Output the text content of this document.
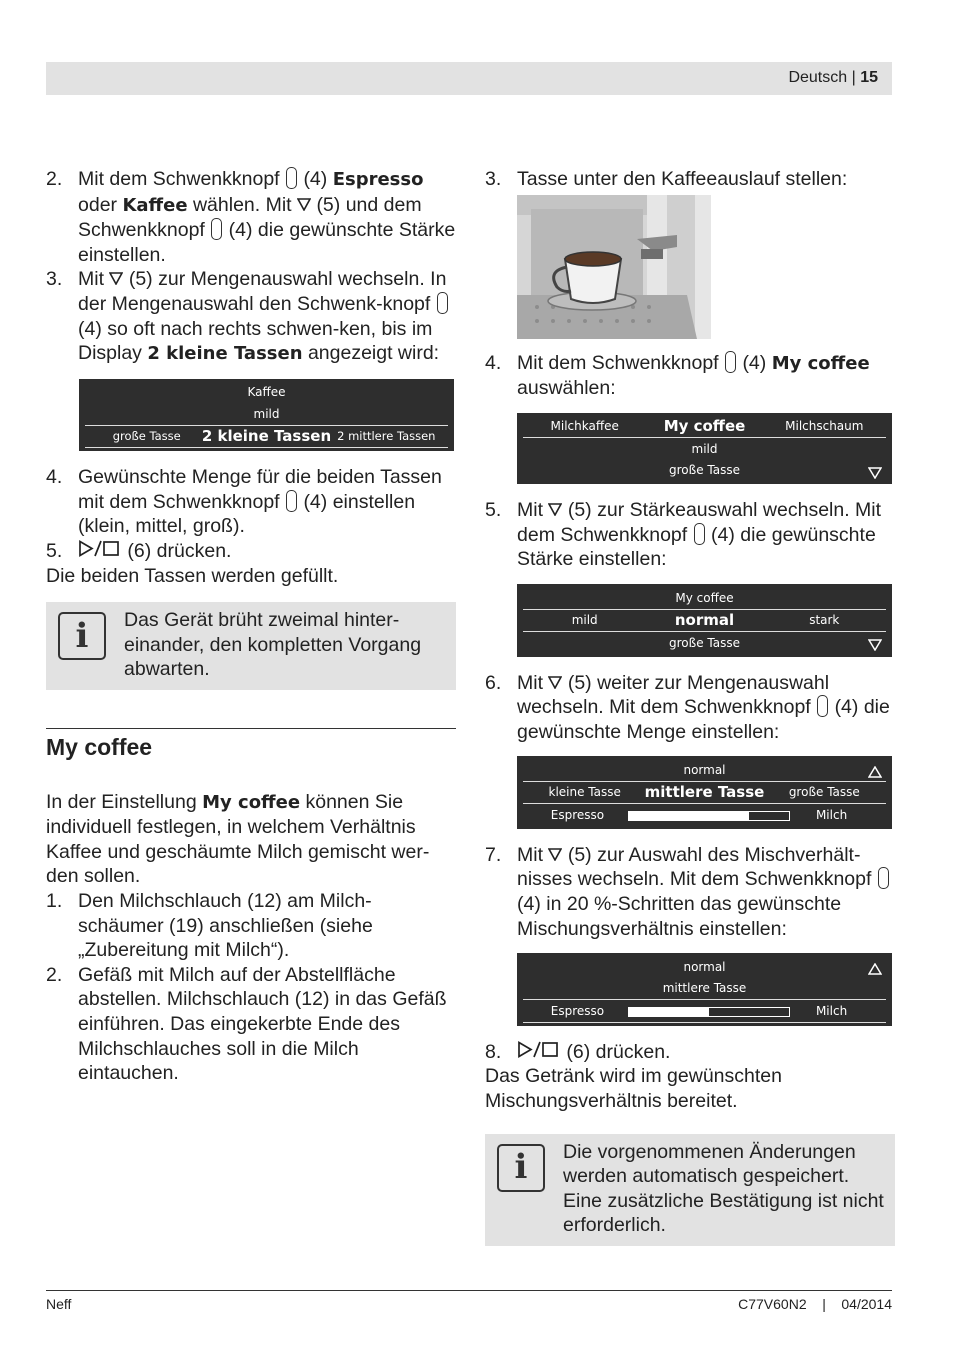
Deutsch | 15
2. Mit dem Schwenkknopf (4) Espresso oder Kaffee wählen. Mit (5) und dem Schwenkknopf (4) die gewünschte Stärke einstellen.
3. Mit (5) zur Mengenauswahl wechseln. In der Mengenauswahl den Schwenk-knopf  (4) so oft nach rechts schwen-ken, bis im Display 2 kleine Tassen angezeigt wird:
Kaffee
mild
große Tasse	2 kleine Tassen 2 mittlere Tassen
4. Gewünschte Menge für die beiden Tassen mit dem Schwenkknopf (4) einstellen (klein, mittel, groß).
5.	(6) drücken.

Die beiden Tassen werden gefüllt.

i	Das Gerät brüht zweimal hinter-einander, den kompletten Vorgang abwarten.
My coffee

In der Einstellung My coffee können Sie individuell festlegen, in welchem Verhältnis Kaffee und geschäumte Milch gemischt wer-den sollen.

1. Den Milchschlauch (12) am Milch-schäumer (19) anschließen (siehe „Zubereitung mit Milch“).
2. Gefäß mit Milch auf der Abstellfläche abstellen. Milchschlauch (12) in das Gefäß einführen. Das eingekerbte Ende des Milchschlauches soll in die Milch eintauchen.
3. Tasse unter den Kaffeeauslauf stellen:
4. Mit dem Schwenkknopf (4) My coffee auswählen:
Milchkaffee	My coffee	Milchschaum
mild
große Tasse
5. Mit (5) zur Stärkeauswahl wechseln. Mit dem Schwenkknopf (4) die gewünschte Stärke einstellen:
My coffee
mild	normal	stark
große Tasse
6. Mit (5) weiter zur Mengenauswahl wechseln. Mit dem Schwenkknopf (4) die gewünschte Menge einstellen:
normal
kleine Tasse	mittlere Tasse	große Tasse
Espresso	Milch
7. Mit (5) zur Auswahl des Mischverhält-nisses wechseln. Mit dem Schwenkknopf  (4) in 20 %-Schritten das gewünschte Mischungsverhältnis einstellen:
normal
mittlere Tasse
Espresso	Milch
8.	(6) drücken.

Das Getränk wird im gewünschten Mischungsverhältnis bereitet.

i	Die vorgenommenen Änderungen werden automatisch gespeichert. Eine zusätzliche Bestätigung ist nicht erforderlich.
Neff	C77V60N2 | 04/2014
